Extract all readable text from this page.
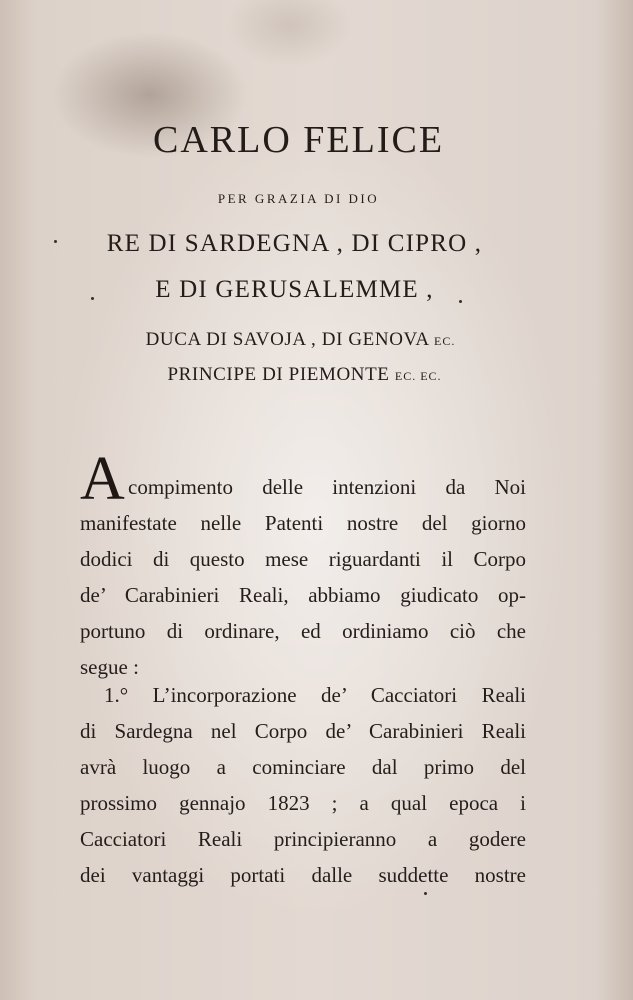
CARLO FELICE
PER GRAZIA DI DIO
RE DI SARDEGNA , DI CIPRO ,
E DI GERUSALEMME ,
DUCA DI SAVOJA , DI GENOVA EC.
PRINCIPE DI PIEMONTE EC. EC.
A compimento delle intenzioni da Noi
manifestate nelle Patenti nostre del giorno
dodici di questo mese riguardanti il Corpo
de’ Carabinieri Reali, abbiamo giudicato op-
portuno di ordinare, ed ordiniamo ciò che
segue :
1.° L’incorporazione de’ Cacciatori Reali
di Sardegna nel Corpo de’ Carabinieri Reali
avrà luogo a cominciare dal primo del
prossimo gennajo 1823 ; a qual epoca i
Cacciatori Reali principieranno a godere
dei vantaggi portati dalle suddette nostre
